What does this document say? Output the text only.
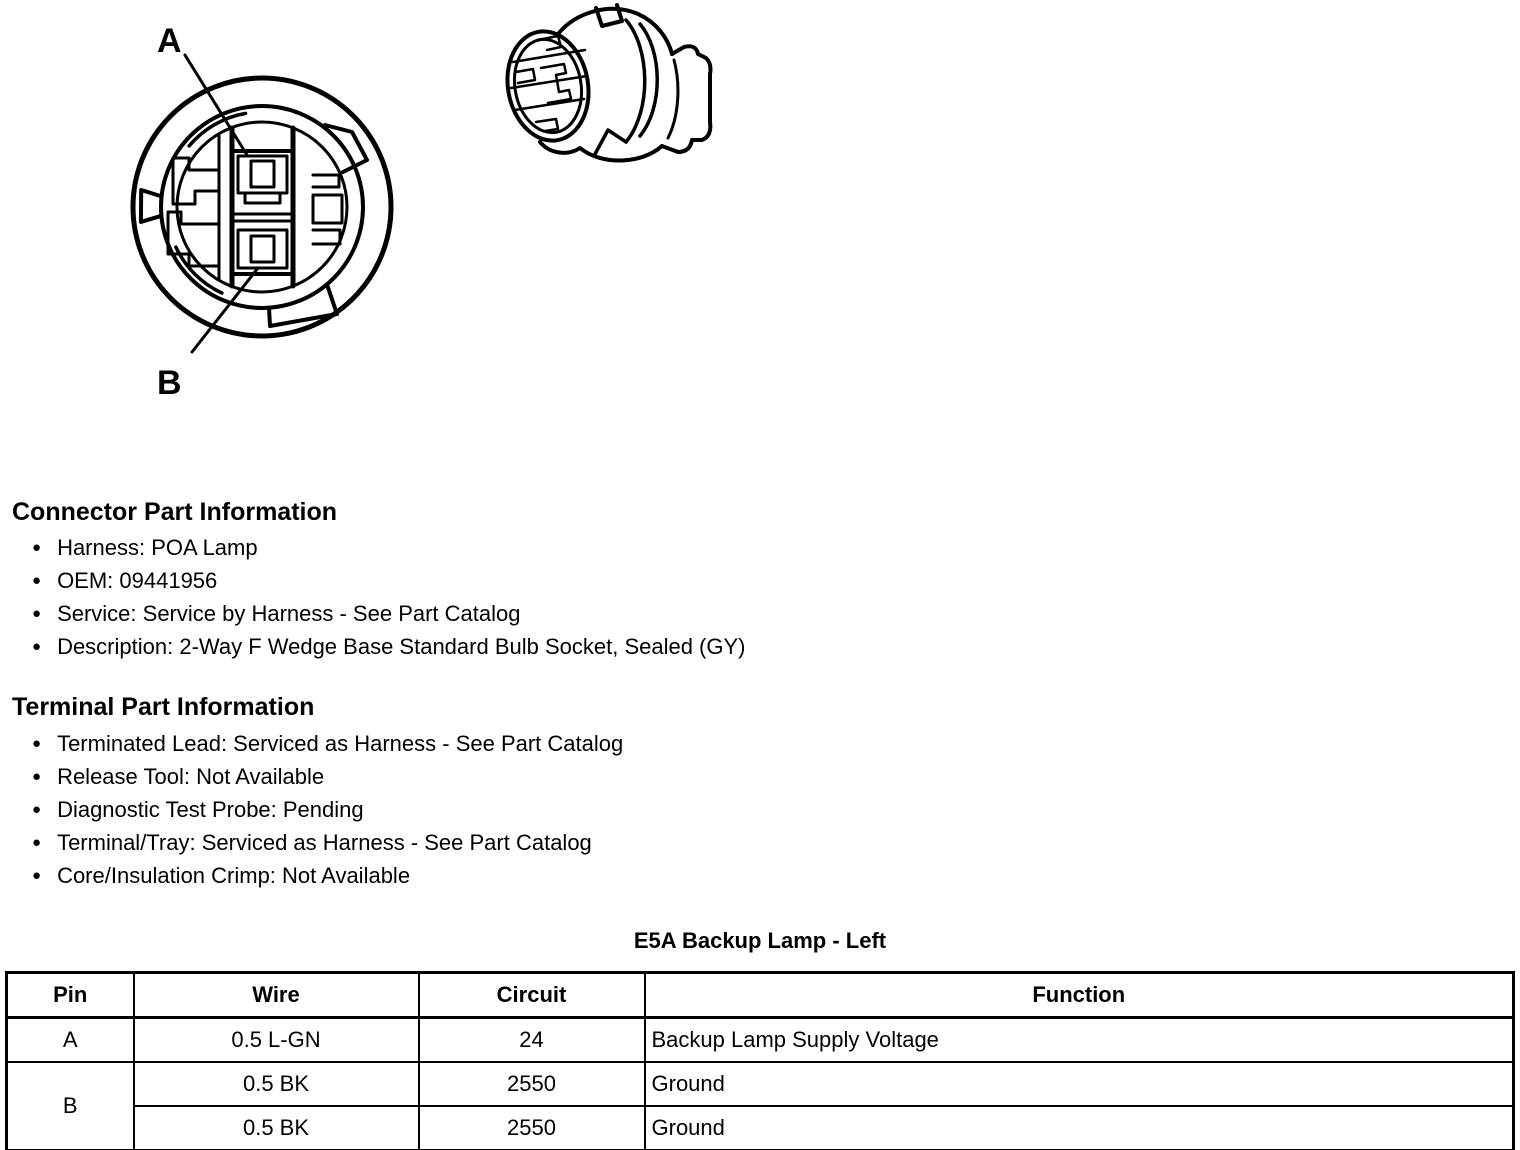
A
B
Connector Part Information
● Harness: POA Lamp
● OEM: 09441956
● Service: Service by Harness - See Part Catalog
● Description: 2-Way F Wedge Base Standard Bulb Socket, Sealed (GY)
Terminal Part Information
● Terminated Lead: Serviced as Harness - See Part Catalog
● Release Tool: Not Available
● Diagnostic Test Probe: Pending
● Terminal/Tray: Serviced as Harness - See Part Catalog
● Core/Insulation Crimp: Not Available
E5A Backup Lamp - Left
Pin	Wire	Circuit	Function
A	0.5 L-GN	24	Backup Lamp Supply Voltage
B	0.5 BK	2550	Ground
	0.5 BK	2550	Ground
